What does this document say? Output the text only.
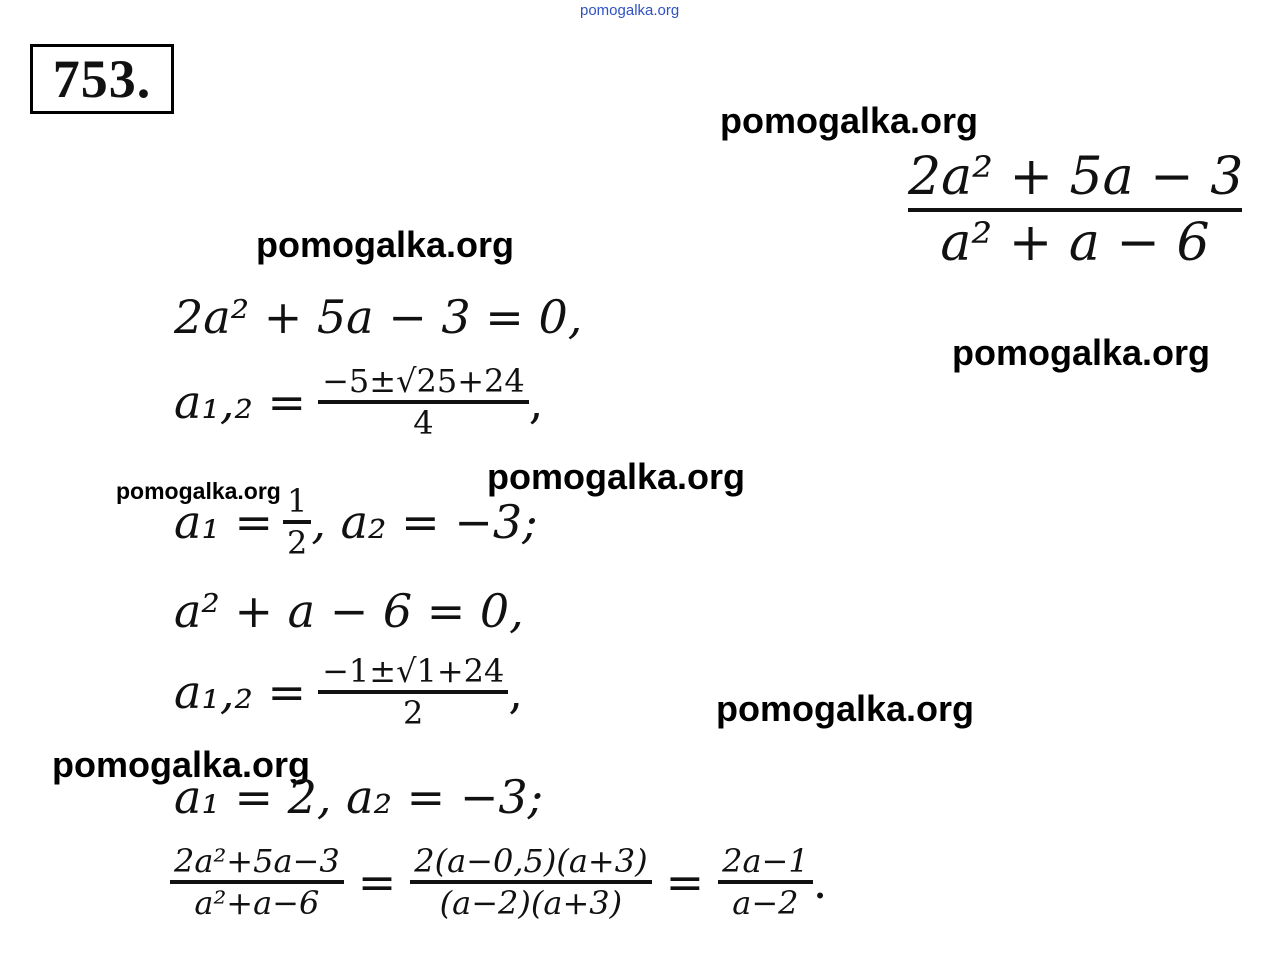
pomogalka.org
pomogalka.org
pomogalka.org
pomogalka.org
pomogalka.org	pomogalka.org
pomogalka.org
pomogalka.org
753.
2a² + 5a − 3
a² + a − 6
2a² + 5a − 3 = 0,
$a_1,_2 = \frac{-5\pm√25+24}{4}$ ,
$a_1 = \frac{1}{2}$ , a₂ = −3;
a² + a − 6 = 0,
$a_1,_2 = \frac{-1\pm√1+24}{2}$ ,
a₁ = 2, a₂ = −3;
$\frac{\text{2a²+5a−3}}{\text{a²+a−6}} = \frac{2(a-0,5)(a+3)}{(a-2)(a+3)} = \frac{2a-1}{a-2}$ .
